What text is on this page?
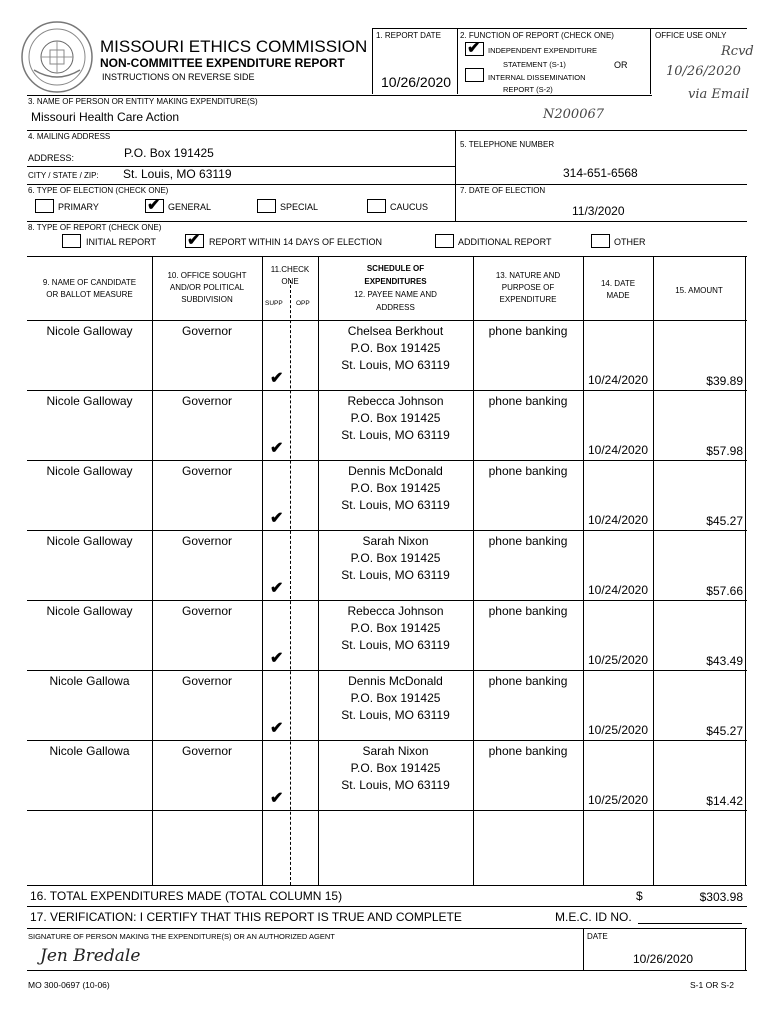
MISSOURI ETHICS COMMISSION
NON-COMMITTEE EXPENDITURE REPORT
INSTRUCTIONS ON REVERSE SIDE
1. REPORT DATE
10/26/2020
2. FUNCTION OF REPORT (CHECK ONE)
✔ INDEPENDENT EXPENDITURE
STATEMENT (S-1)	OR
INTERNAL DISSEMINATION
REPORT (S-2)
OFFICE USE ONLY
Rcvd
10/26/2020
via Email
N200067
3. NAME OF PERSON OR ENTITY MAKING EXPENDITURE(S)
Missouri Health Care Action
4. MAILING ADDRESS
ADDRESS:	P.O. Box 191425
CITY / STATE / ZIP: St. Louis, MO 63119
5. TELEPHONE NUMBER
314-651-6568
6. TYPE OF ELECTION (CHECK ONE)
PRIMARY	✔ GENERAL	SPECIAL	CAUCUS
7. DATE OF ELECTION
11/3/2020
8. TYPE OF REPORT (CHECK ONE)
INITIAL REPORT ✔ REPORT WITHIN 14 DAYS OF ELECTION	ADDITIONAL REPORT	OTHER
9. NAME OF CANDIDATE
OR BALLOT MEASURE
10. OFFICE SOUGHT
AND/OR POLITICAL
SUBDIVISION
11.CHECK
ONE
SUPP OPP
SCHEDULE OF
EXPENDITURES
12. PAYEE NAME AND
ADDRESS
13. NATURE AND
PURPOSE OF
EXPENDITURE
14. DATE
MADE
15. AMOUNT
Nicole Galloway	Governor
✔
Chelsea Berkhout
P.O. Box 191425
St. Louis, MO 63119
phone banking
10/24/2020	$39.89
Nicole Galloway	Governor
✔
Rebecca Johnson
P.O. Box 191425
St. Louis, MO 63119
phone banking
10/24/2020	$57.98
Nicole Galloway	Governor
✔
Dennis McDonald
P.O. Box 191425
St. Louis, MO 63119
phone banking
10/24/2020	$45.27
Nicole Galloway	Governor
✔
Sarah Nixon
P.O. Box 191425
St. Louis, MO 63119
phone banking
10/24/2020	$57.66
Nicole Galloway	Governor
✔
Rebecca Johnson
P.O. Box 191425
St. Louis, MO 63119
phone banking
10/25/2020	$43.49
Nicole Gallowa	Governor
✔
Dennis McDonald
P.O. Box 191425
St. Louis, MO 63119
phone banking
10/25/2020	$45.27
Nicole Gallowa	Governor
✔
Sarah Nixon
P.O. Box 191425
St. Louis, MO 63119
phone banking
10/25/2020	$14.42
16. TOTAL EXPENDITURES MADE (TOTAL COLUMN 15)	$	$303.98
17. VERIFICATION: I CERTIFY THAT THIS REPORT IS TRUE AND COMPLETE	M.E.C. ID NO.
SIGNATURE OF PERSON MAKING THE EXPENDITURE(S) OR AN AUTHORIZED AGENT
Jen Bredale
DATE
10/26/2020
MO 300-0697 (10-06)	S-1 OR S-2
